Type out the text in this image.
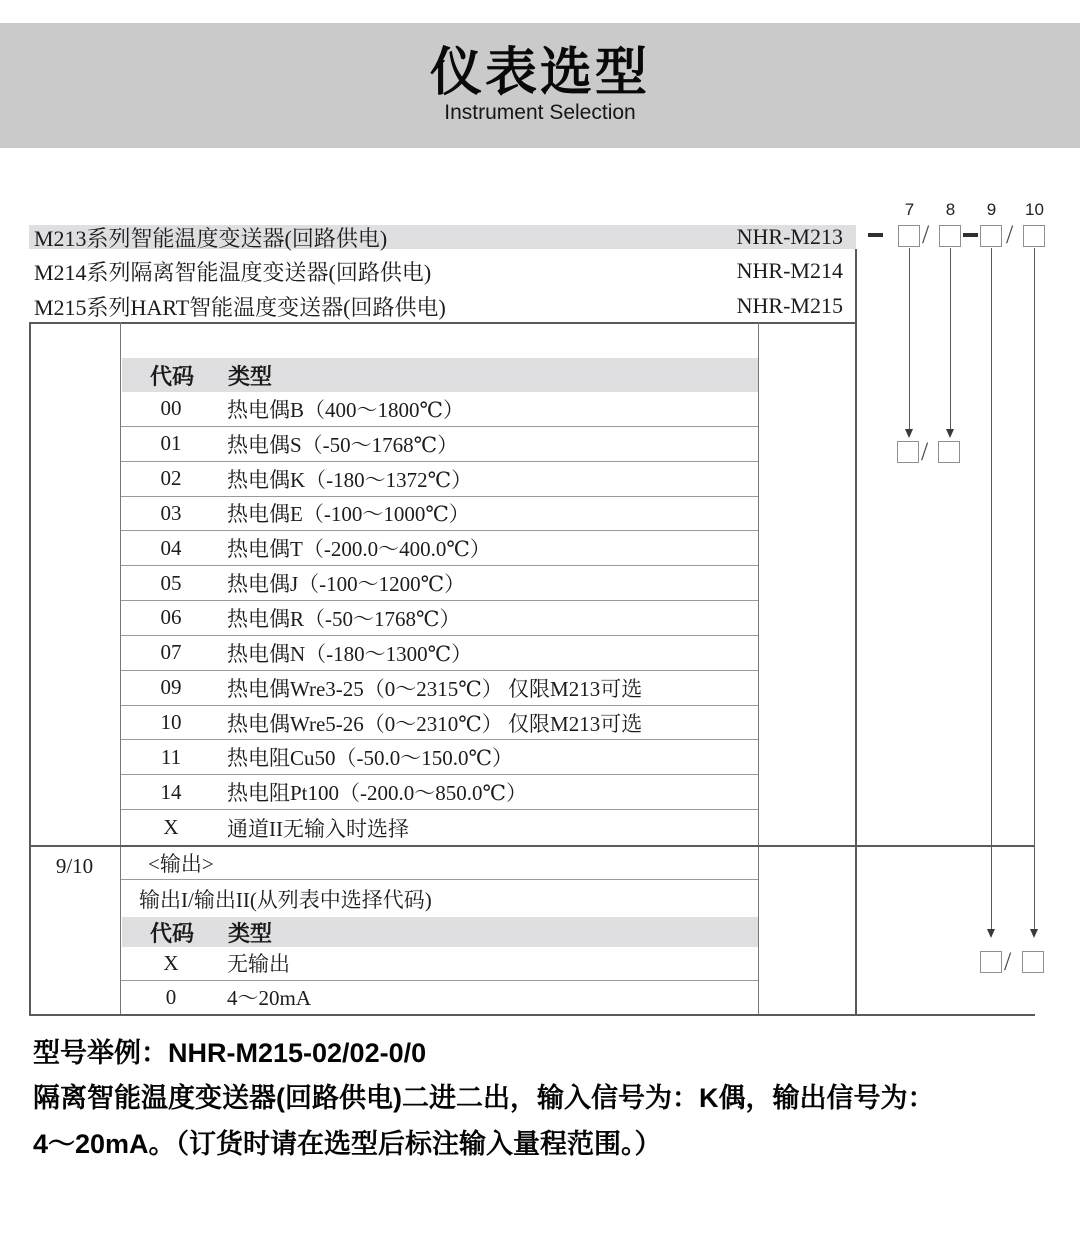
仪表选型
Instrument Selection
M213系列智能温度变送器(回路供电)	NHR-M213
M214系列隔离智能温度变送器(回路供电)	NHR-M214
M215系列HART智能温度变送器(回路供电)	NHR-M215
代码	类型
00	热电偶B（400～1800℃）
01	热电偶S（-50～1768℃）
02	热电偶K（-180～1372℃）
03	热电偶E（-100～1000℃）
04	热电偶T（-200.0～400.0℃）
05	热电偶J（-100～1200℃）
06	热电偶R（-50～1768℃）
07	热电偶N（-180～1300℃）
09	热电偶Wre3-25（0～2315℃） 仅限M213可选
10	热电偶Wre5-26（0～2310℃） 仅限M213可选
11	热电阻Cu50（-50.0～150.0℃）
14	热电阻Pt100（-200.0～850.0℃）
X	通道II无输入时选择
9/10	<输出>
输出I/输出II(从列表中选择代码)
代码	类型
X	无输出
0	4～20mA
7	8	9	10
/	/
/
/
型号举例：NHR-M215-02/02-0/0
隔离智能温度变送器(回路供电)二进二出，输入信号为：K偶，输出信号为：
4～20mA。（订货时请在选型后标注输入量程范围。）
